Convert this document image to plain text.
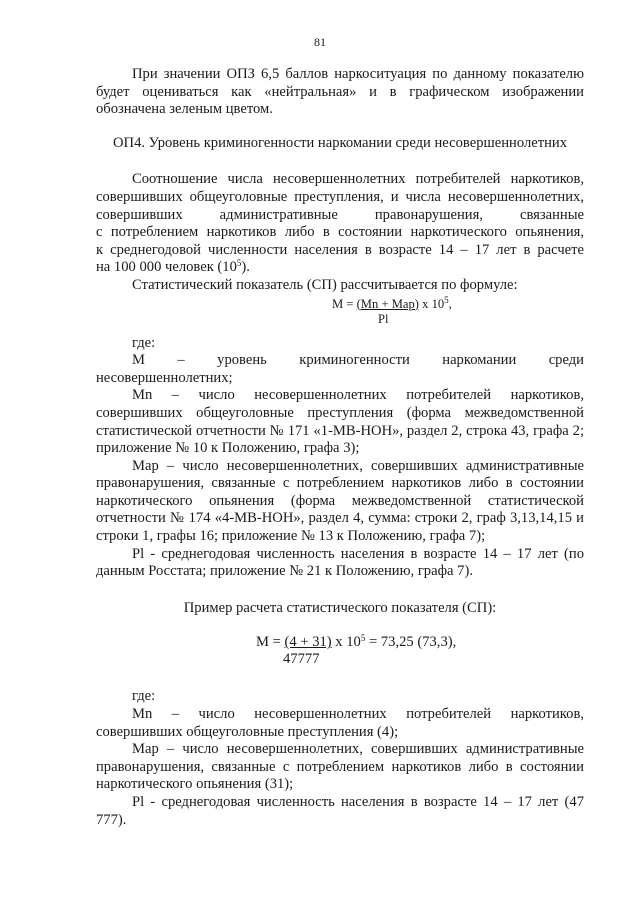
81

При значении ОПЗ 6,5 баллов наркоситуация по данному показателю будет оцениваться как «нейтральная» и в графическом изображении обозначена зеленым цветом.

ОП4. Уровень криминогенности наркомании среди несовершеннолетних

Соотношение числа несовершеннолетних потребителей наркотиков,

совершивших общеуголовные преступления, и числа несовершеннолетних,

совершивших административные правонарушения, связанные

с потреблением наркотиков либо в состоянии наркотического опьянения,

к среднегодовой численности населения в возрасте 14 – 17 лет в расчете

на 100 000 человек $(10^5)$.

Статистический показатель (СП) рассчитывается по формуле:

M = (Mn + Map) x $10^5$,
Pl

где:

M – уровень криминогенности наркомании среди

несовершеннолетних;

Mn – число несовершеннолетних потребителей наркотиков, совершивших общеуголовные преступления (форма межведомственной статистической отчетности № 171 «1-МВ-НОН», раздел 2, строка 43, графа 2; приложение № 10 к Положению, графа 3);

Map – число несовершеннолетних, совершивших административные правонарушения, связанные с потреблением наркотиков либо в состоянии наркотического опьянения (форма межведомственной статистической отчетности № 174 «4-МВ-НОН», раздел 4, сумма: строки 2, граф 3,13,14,15 и строки 1, графы 16; приложение № 13 к Положению, графа 7);

Pl - среднегодовая численность населения в возрасте 14 – 17 лет (по данным Росстата; приложение № 21 к Положению, графа 7).

Пример расчета статистического показателя (СП):

M = (4 + 31) x $10^5 = 73,25$ (73,3),
47777

где:

Mn – число несовершеннолетних потребителей наркотиков, совершивших общеуголовные преступления (4);

Map – число несовершеннолетних, совершивших административные правонарушения, связанные с потреблением наркотиков либо в состоянии наркотического опьянения (31);

Pl - среднегодовая численность населения в возрасте 14 – 17 лет (47 777).
